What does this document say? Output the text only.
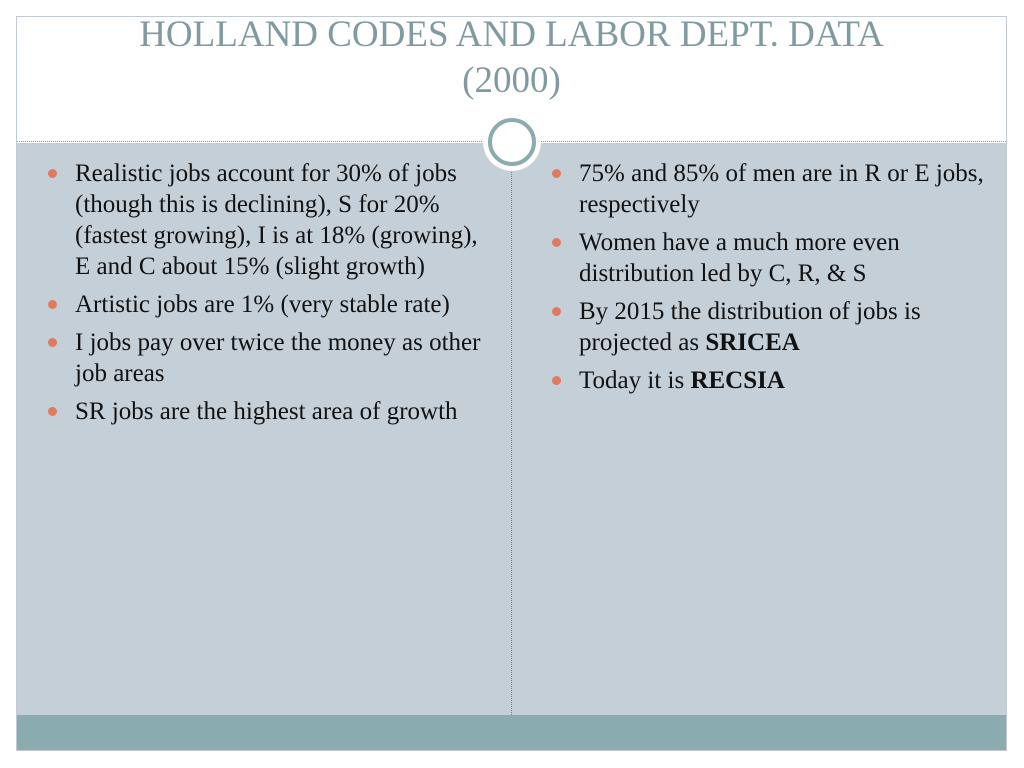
HOLLAND CODES AND LABOR DEPT. DATA
(2000)
Realistic jobs account for 30% of jobs (though this is declining), S for 20% (fastest growing), I is at 18% (growing), E and C about 15% (slight growth)
Artistic jobs are 1% (very stable rate)
I jobs pay over twice the money as other job areas
SR jobs are the highest area of growth
75% and 85% of men are in R or E jobs, respectively
Women have a much more even distribution led by C, R, & S
By 2015 the distribution of jobs is projected as SRICEA
Today it is RECSIA
